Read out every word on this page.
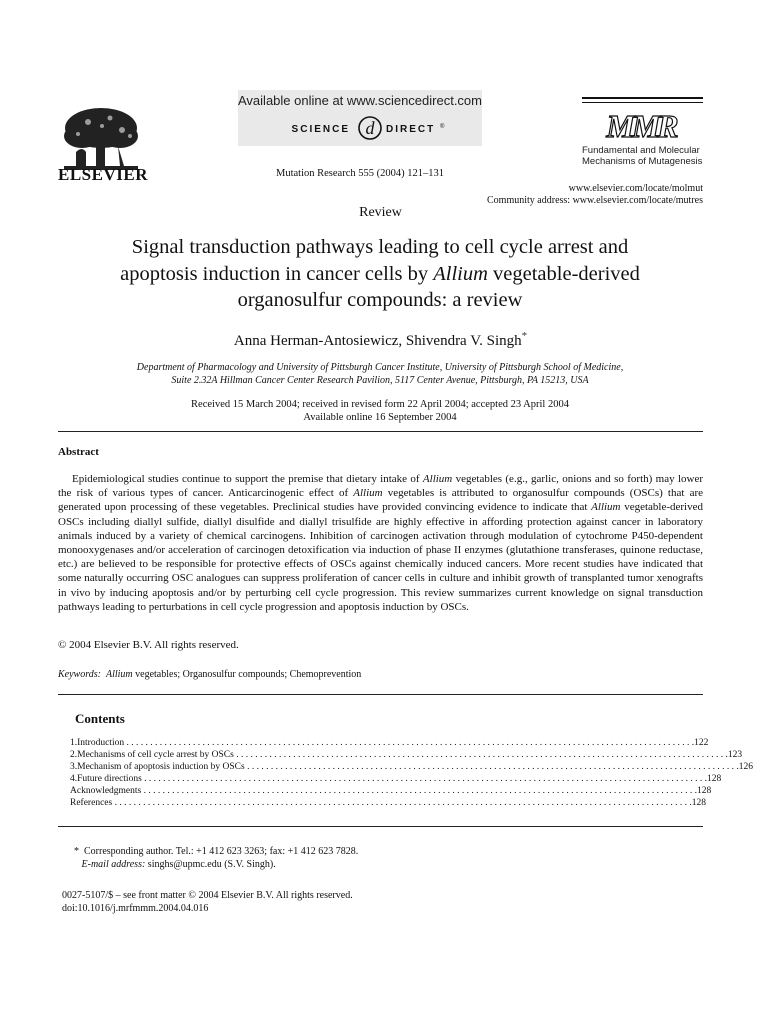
ELSEVIER
Available online at www.sciencedirect.com
SCIENCE d DIRECT ®
Mutation Research 555 (2004) 121–131
MMR
Fundamental and Molecular
Mechanisms of Mutagenesis
www.elsevier.com/locate/molmut
Community address: www.elsevier.com/locate/mutres
Review
Signal transduction pathways leading to cell cycle arrest and
apoptosis induction in cancer cells by Allium vegetable-derived
organosulfur compounds: a review
Anna Herman-Antosiewicz, Shivendra V. Singh*
Department of Pharmacology and University of Pittsburgh Cancer Institute, University of Pittsburgh School of Medicine,
Suite 2.32A Hillman Cancer Center Research Pavilion, 5117 Center Avenue, Pittsburgh, PA 15213, USA
Received 15 March 2004; received in revised form 22 April 2004; accepted 23 April 2004
Available online 16 September 2004
Abstract
Epidemiological studies continue to support the premise that dietary intake of Allium vegetables (e.g., garlic, onions and so forth) may lower the risk of various types of cancer. Anticarcinogenic effect of Allium vegetables is attributed to organosulfur compounds (OSCs) that are generated upon processing of these vegetables. Preclinical studies have provided convincing evidence to indicate that Allium vegetable-derived OSCs including diallyl sulfide, diallyl disulfide and diallyl trisulfide are highly effective in affording protection against cancer in laboratory animals induced by a variety of chemical carcinogens. Inhibition of carcinogen activation through modulation of cytochrome P450-dependent monooxygenases and/or acceleration of carcinogen detoxification via induction of phase II enzymes (glutathione transferases, quinone reductase, etc.) are believed to be responsible for protective effects of OSCs against chemically induced cancers. More recent studies have indicated that some naturally occurring OSC analogues can suppress proliferation of cancer cells in culture and inhibit growth of transplanted tumor xenografts in vivo by inducing apoptosis and/or by perturbing cell cycle progression. This review summarizes current knowledge on signal transduction pathways leading to perturbations in cell cycle progression and apoptosis induction by OSCs.
© 2004 Elsevier B.V. All rights reserved.
Keywords: Allium vegetables; Organosulfur compounds; Chemoprevention
Contents
1. Introduction . . . . . . . . . . . . . . . . . . . . . . . . . . . . . . . . . . . . . . . . . . . . . . . . . . . . . . . . . . . . . . . . . . . . . . . . . . . . . . . . . . . . . . . . . . . . . . . . . . . . . . . . . . . . . . . . . . . . . . . . 122
2. Mechanisms of cell cycle arrest by OSCs . . . . . . . . . . . . . . . . . . . . . . . . . . . . . . . . . . . . . . . . . . . . . . . . . . . . . . . . . . . . . . . . . . . . . . . . . . . . . . . . . . . . . . . . . . . . . . . . . . . . . . . . 123
3. Mechanism of apoptosis induction by OSCs . . . . . . . . . . . . . . . . . . . . . . . . . . . . . . . . . . . . . . . . . . . . . . . . . . . . . . . . . . . . . . . . . . . . . . . . . . . . . . . . . . . . . . . . . . . . . . . . . . . . . . . . 126
4. Future directions . . . . . . . . . . . . . . . . . . . . . . . . . . . . . . . . . . . . . . . . . . . . . . . . . . . . . . . . . . . . . . . . . . . . . . . . . . . . . . . . . . . . . . . . . . . . . . . . . . . . . . . . . . . . . . . . . . . . . . . 128
Acknowledgments . . . . . . . . . . . . . . . . . . . . . . . . . . . . . . . . . . . . . . . . . . . . . . . . . . . . . . . . . . . . . . . . . . . . . . . . . . . . . . . . . . . . . . . . . . . . . . . . . . . . . . . . . . . . . . . . . . . . . 128
References . . . . . . . . . . . . . . . . . . . . . . . . . . . . . . . . . . . . . . . . . . . . . . . . . . . . . . . . . . . . . . . . . . . . . . . . . . . . . . . . . . . . . . . . . . . . . . . . . . . . . . . . . . . . . . . . . . . . . . . . . . 128
* Corresponding author. Tel.: +1 412 623 3263; fax: +1 412 623 7828.
E-mail address: singhs@upmc.edu (S.V. Singh).
0027-5107/$ – see front matter © 2004 Elsevier B.V. All rights reserved.
doi:10.1016/j.mrfmmm.2004.04.016
